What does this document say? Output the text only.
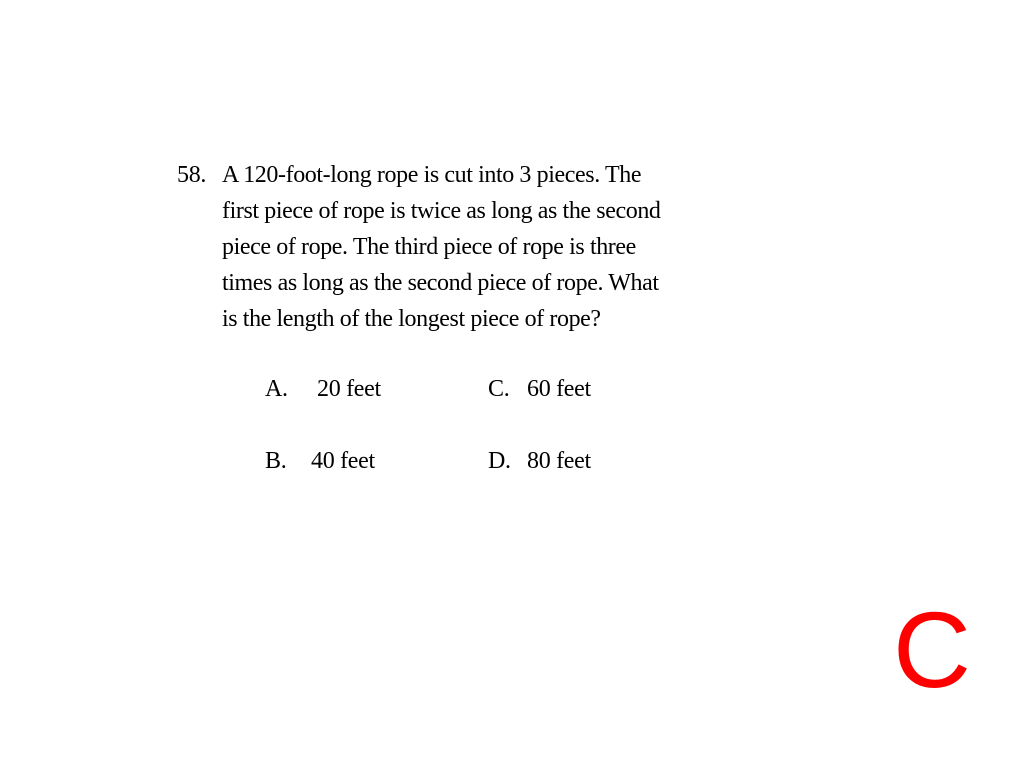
58. A 120-foot-long rope is cut into 3 pieces. The
first piece of rope is twice as long as the second
piece of rope. The third piece of rope is three
times as long as the second piece of rope. What
is the length of the longest piece of rope?
A. 20 feet
B. 40 feet
C. 60 feet
D. 80 feet
C
